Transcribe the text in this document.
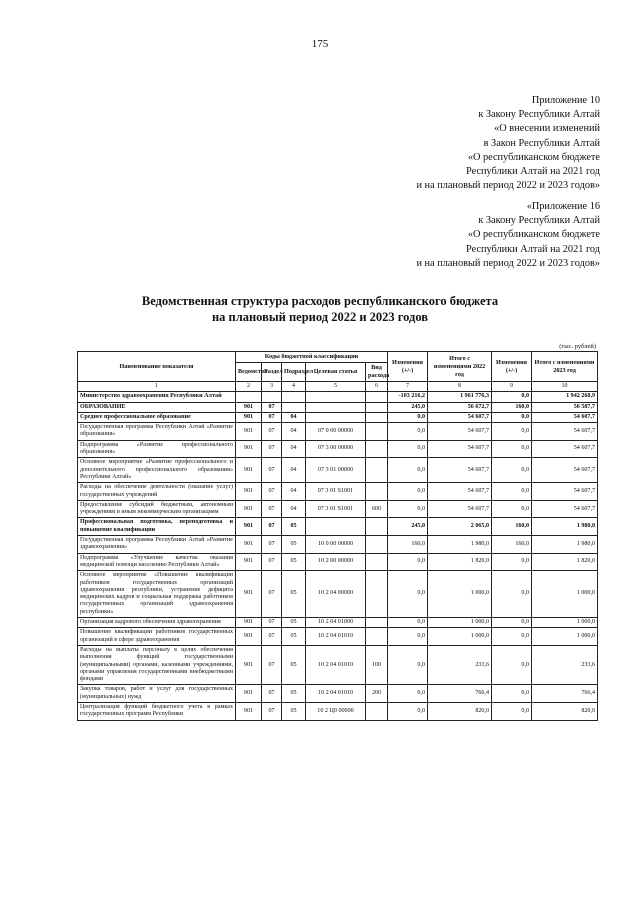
175
Приложение 10
к Закону Республики Алтай
«О внесении изменений
в Закон Республики Алтай
«О республиканском бюджете
Республики Алтай на 2021 год
и на плановый период 2022 и 2023 годов»
«Приложение 16
к Закону Республики Алтай
«О республиканском бюджете
Республики Алтай на 2021 год
и на плановый период 2022 и 2023 годов»
Ведомственная структура расходов республиканского бюджета
на плановый период 2022 и 2023 годов
(тыс. рублей)
Наименование показателя	Коды бюджетной классификации					Изменения (+/-)	Итого с изменениями 2022 год	Изменения (+/-)	Итого с изменениями 2023 год
	Ведомства	Раздел	Подраздел	Целевая статья	Вид расхода				
1	2	3	4	5	6	7	8	9	10
Министерство здравоохранения Республики Алтай						-103 216,2	1 961 776,3	0,0	1 942 268,9
ОБРАЗОВАНИЕ	901	07				245,0	56 672,7	160,0	56 587,7
Среднее профессиональное образование	901	07	04			0,0	54 607,7	0,0	54 607,7
Государственная программа Республики Алтай «Развитие образования»	901	07	04	07 0 00 00000		0,0	54 607,7	0,0	54 607,7
Подпрограмма «Развитие профессионального образования»	901	07	04	07 3 00 00000		0,0	54 607,7	0,0	54 607,7
Основное мероприятие «Развитие профессионального и дополнительного профессионального образования» Республики Алтай»	901	07	04	07 3 01 00000		0,0	54 607,7	0,0	54 607,7
Расходы на обеспечение деятельности (оказание услуг) государственных учреждений	901	07	04	07 3 01 S1001		0,0	54 607,7	0,0	54 607,7
Предоставление субсидий бюджетным, автономным учреждениям и иным некоммерческим организациям	901	07	04	07 3 01 S1001	600	0,0	54 607,7	0,0	54 607,7
Профессиональная подготовка, переподготовка и повышение квалификации	901	07	05			245,0	2 065,0	160,0	1 980,0
Государственная программа Республики Алтай «Развитие здравоохранения»	901	07	05	10 0 00 00000		160,0	1 980,0	160,0	1 980,0
Подпрограмма «Улучшение качества оказания медицинской помощи населению Республики Алтай»	901	07	05	10 2 00 00000		0,0	1 820,0	0,0	1 820,0
Основное мероприятие «Повышение квалификации работников государственных организаций здравоохранения республики, устранение дефицита медицинских кадров и социальная поддержка работников государственных организаций здравоохранения республики»	901	07	05	10 2 04 00000		0,0	1 000,0	0,0	1 000,0
Организация кадрового обеспечения здравоохранения	901	07	05	10 2 04 01000		0,0	1 000,0	0,0	1 000,0
Повышение квалификации работников государственных организаций в сфере здравоохранения	901	07	05	10 2 04 01010		0,0	1 000,0	0,0	1 000,0
Расходы на выплаты персоналу в целях обеспечения выполнения функций государственными (муниципальными) органами, казенными учреждениями, органами управления государственными внебюджетными фондами	901	07	05	10 2 04 01010	100	0,0	233,6	0,0	233,6
Закупка товаров, работ и услуг для государственных (муниципальных) нужд	901	07	05	10 2 04 01010	200	0,0	766,4	0,0	766,4
Централизация функций бюджетного учета в рамках государственных программ Республики	901	07	05	10 2 Ц0 00000		0,0	820,0	0,0	820,0
